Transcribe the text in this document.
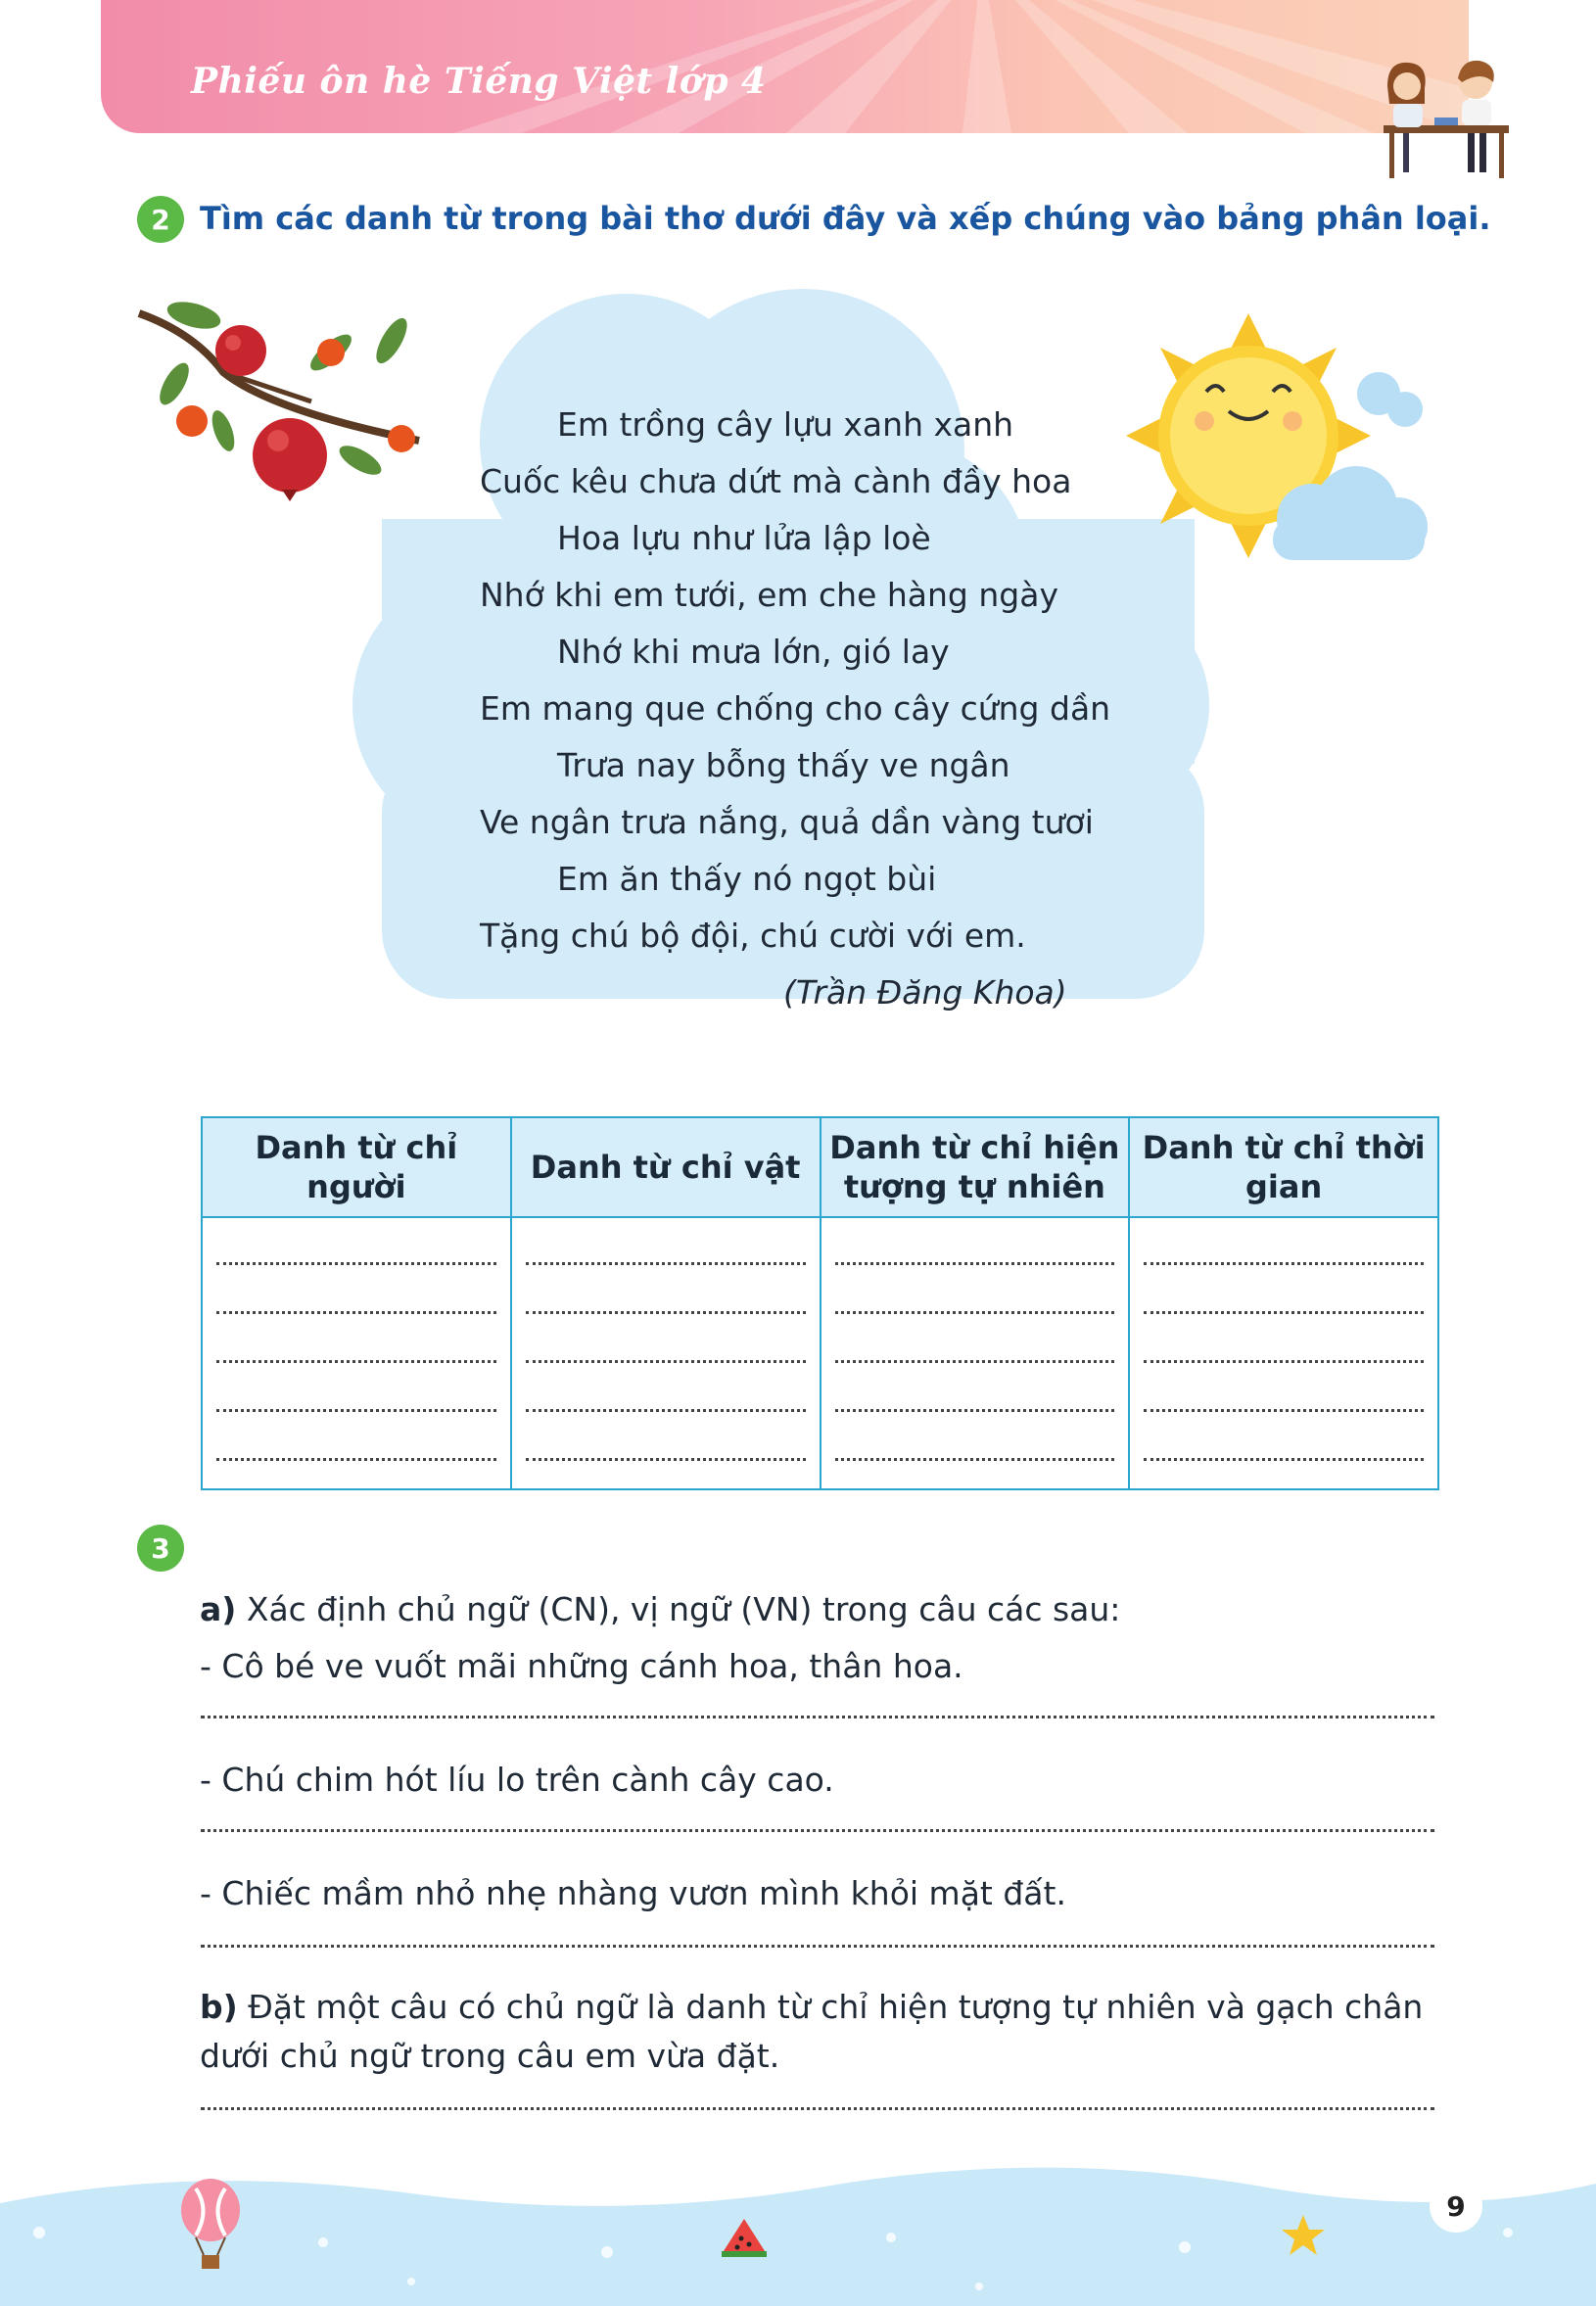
Phiếu ôn hè Tiếng Việt lớp 4
2 Tìm các danh từ trong bài thơ dưới đây và xếp chúng vào bảng phân loại.
Em trồng cây lựu xanh xanh
Cuốc kêu chưa dứt mà cành đầy hoa
Hoa lựu như lửa lập loè
Nhớ khi em tưới, em che hàng ngày
Nhớ khi mưa lớn, gió lay
Em mang que chống cho cây cứng dần
Trưa nay bỗng thấy ve ngân
Ve ngân trưa nắng, quả dần vàng tươi
Em ăn thấy nó ngọt bùi
Tặng chú bộ đội, chú cười với em.
(Trần Đăng Khoa)
Danh từ chỉ người	Danh từ chỉ vật	Danh từ chỉ hiện tượng tự nhiên	Danh từ chỉ thời gian

3
a) Xác định chủ ngữ (CN), vị ngữ (VN) trong câu các sau:
- Cô bé ve vuốt mãi những cánh hoa, thân hoa.
- Chú chim hót líu lo trên cành cây cao.
- Chiếc mầm nhỏ nhẹ nhàng vươn mình khỏi mặt đất.
b) Đặt một câu có chủ ngữ là danh từ chỉ hiện tượng tự nhiên và gạch chân
dưới chủ ngữ trong câu em vừa đặt.
9
